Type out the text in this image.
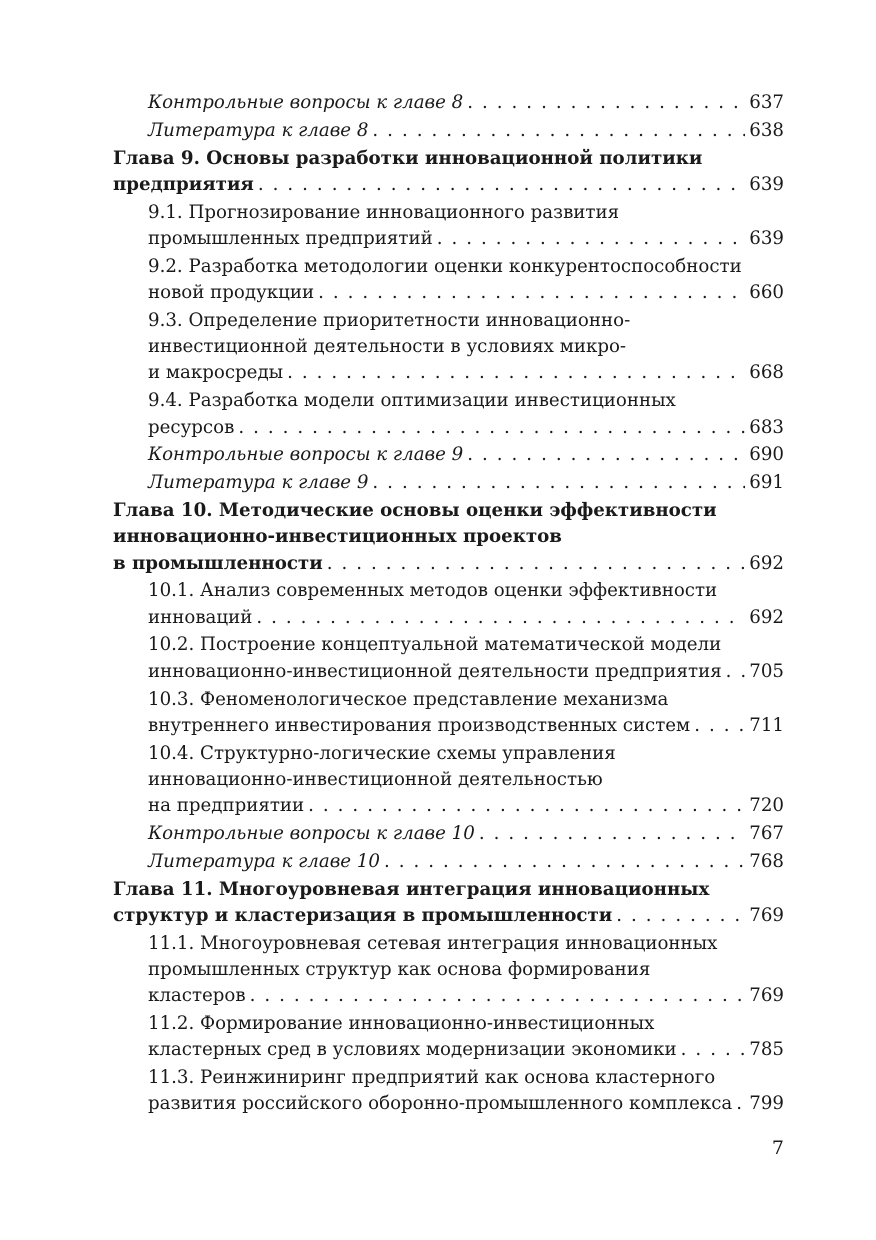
Контрольные вопросы к главе 8 . . .	637
Литература к главе 8 . . .	638
Глава 9. Основы разработки инновационной политики
предприятия . . .	639
9.1. Прогнозирование инновационного развития
промышленных предприятий . . .	639
9.2. Разработка методологии оценки конкурентоспособности
новой продукции . . .	660
9.3. Определение приоритетности инновационно-
инвестиционной деятельности в условиях микро-
и макросреды . . .	668
9.4. Разработка модели оптимизации инвестиционных
ресурсов . . .	683
Контрольные вопросы к главе 9 . . .	690
Литература к главе 9 . . .	691
Глава 10. Методические основы оценки эффективности
инновационно-инвестиционных проектов
в промышленности . . .	692
10.1. Анализ современных методов оценки эффективности
инноваций . . .	692
10.2. Построение концептуальной математической модели
инновационно-инвестиционной деятельности предприятия . . . 705
10.3. Феноменологическое представление механизма
внутреннего инвестирования производственных систем . . .	711
10.4. Структурно-логические схемы управления
инновационно-инвестиционной деятельностью
на предприятии . . .	720
Контрольные вопросы к главе 10 . . .	767
Литература к главе 10 . . .	768
Глава 11. Многоуровневая интеграция инновационных
структур и кластеризация в промышленности . . .	769
11.1. Многоуровневая сетевая интеграция инновационных
промышленных структур как основа формирования
кластеров . . .	769
11.2. Формирование инновационно-инвестиционных
кластерных сред в условиях модернизации экономики . . .	785
11.3. Реинжиниринг предприятий как основа кластерного
развития российского оборонно-промышленного комплекса . . . 799
7
